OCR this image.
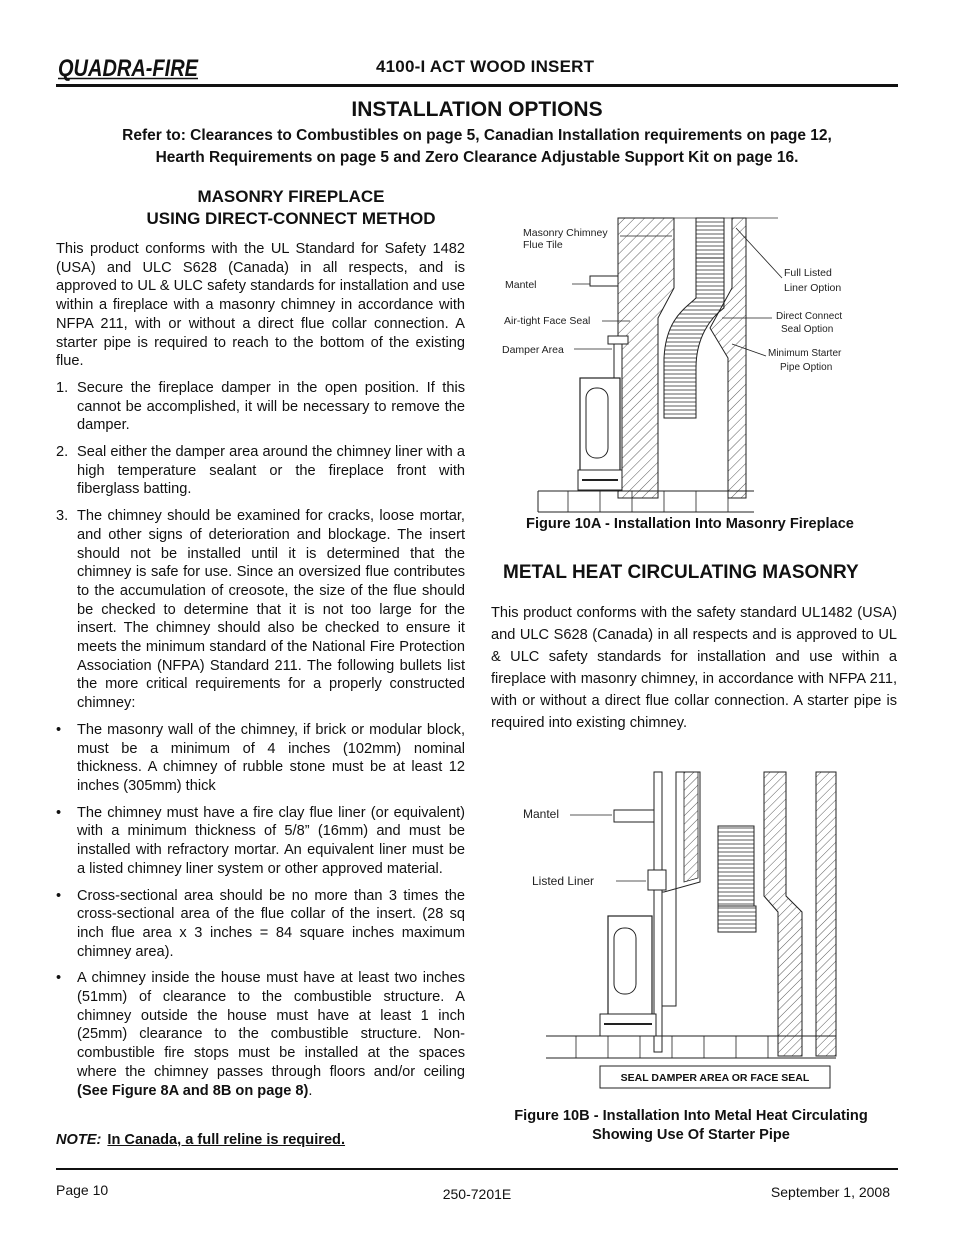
QUADRA-FIRE	4100-I ACT WOOD INSERT
INSTALLATION OPTIONS
Refer to: Clearances to Combustibles on page 5, Canadian Installation requirements on page 12,
Hearth Requirements on page 5 and Zero Clearance Adjustable Support Kit on page 16.
MASONRY FIREPLACE
USING DIRECT-CONNECT METHOD

This product conforms with the UL Standard for Safety 1482 (USA) and ULC S628 (Canada) in all respects, and is approved to UL & ULC safety standards for installation and use within a fireplace with a masonry chimney in accordance with NFPA 211, with or without a direct flue collar connection. A starter pipe is required to reach to the bottom of the existing flue.

1. Secure the fireplace damper in the open position. If this cannot be accomplished, it will be necessary to remove the damper.
2. Seal either the damper area around the chimney liner with a high temperature sealant or the fireplace front with fiberglass batting.
3. The chimney should be examined for cracks, loose mortar, and other signs of deterioration and blockage. The insert should not be installed until it is determined that the chimney is safe for use. Since an oversized flue contributes to the accumulation of creosote, the size of the flue should be checked to determine that it is not too large for the insert. The chimney should also be checked to ensure it meets the minimum standard of the National Fire Protection Association (NFPA) Standard 211. The following bullets list the more critical requirements for a properly constructed chimney:
• The masonry wall of the chimney, if brick or modular block, must be a minimum of 4 inches (102mm) nominal thickness. A chimney of rubble stone must be at least 12 inches (305mm) thick
• The chimney must have a fire clay flue liner (or equivalent) with a minimum thickness of 5/8” (16mm) and must be installed with refractory mortar. An equivalent liner must be a listed chimney liner system or other approved material.
• Cross-sectional area should be no more than 3 times the cross-sectional area of the flue collar of the insert. (28 sq inch flue area x 3 inches = 84 square inches maximum chimney area).
• A chimney inside the house must have at least two inches (51mm) of clearance to the combustible structure. A chimney outside the house must have at least 1 inch (25mm) clearance to the combustible structure. Non-combustible fire stops must be installed at the spaces where the chimney passes through floors and/or ceiling (See Figure 8A and 8B on page 8).
NOTE: In Canada, a full reline is required.
Masonry Chimney
Flue Tile
Mantel
Air-tight Face Seal
Damper Area
Full Listed
Liner Option
Direct Connect
Seal Option
Minimum Starter
Pipe Option
Figure 10A - Installation Into Masonry Fireplace
METAL HEAT CIRCULATING MASONRY
This product conforms with the safety standard UL1482 (USA) and ULC S628 (Canada) in all respects and is approved to UL & ULC safety standards for installation and use within a fireplace with masonry chimney, in accordance with NFPA 211, with or without a direct flue collar connection. A starter pipe is required into existing chimney.
Mantel
Listed Liner
SEAL DAMPER AREA OR FACE SEAL
Figure 10B - Installation Into Metal Heat Circulating
Showing Use Of Starter Pipe
Page 10	250-7201E	September 1, 2008
